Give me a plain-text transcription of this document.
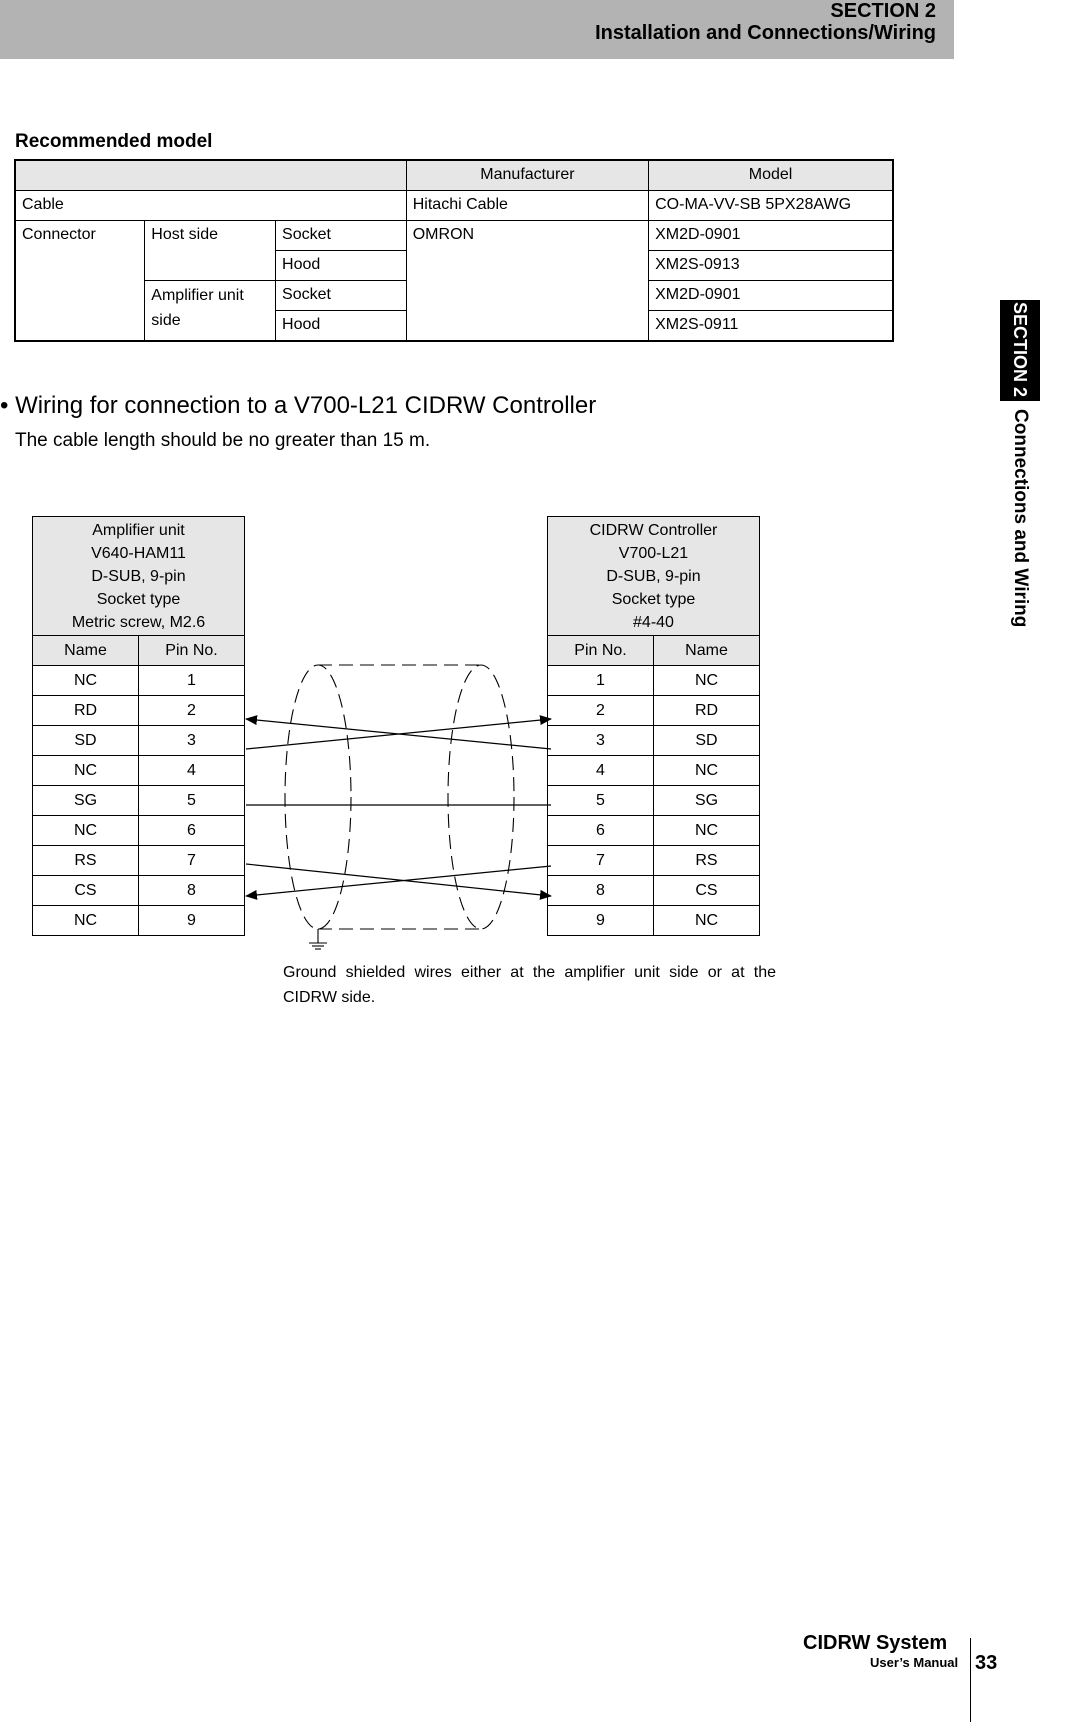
SECTION 2
Installation and Connections/Wiring
SECTION 2
Connections and Wiring
Recommended model
			Manufacturer	Model
Cable			Hitachi Cable	CO-MA-VV-SB 5PX28AWG
Connector	Host side	Socket	OMRON	XM2D-0901
		Hood		XM2S-0913
	Amplifier unit side	Socket		XM2D-0901
		Hood		XM2S-0911
• Wiring for connection to a V700-L21 CIDRW Controller
The cable length should be no greater than 15 m.
Amplifier unit
V640-HAM11
D-SUB, 9-pin
Socket type
Metric screw, M2.6	

Name	Pin No.
NC	1
RD	2
SD	3
NC	4
SG	5
NC	6
RS	7
CS	8
NC	9
CIDRW Controller
V700-L21
D-SUB, 9-pin
Socket type
#4-40	

Pin No.	Name
1	NC
2	RD
3	SD
4	NC
5	SG
6	NC
7	RS
8	CS
9	NC
Ground shielded wires either at the amplifier unit side or at the CIDRW side.
CIDRW System
User’s Manual 33
